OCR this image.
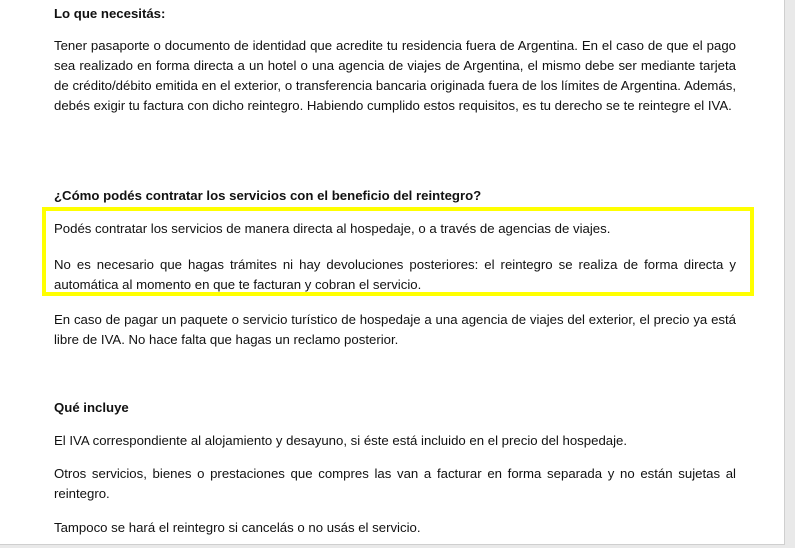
Lo que necesitás:

Tener pasaporte o documento de identidad que acredite tu residencia fuera de Argentina. En el caso de que el pago sea realizado en forma directa a un hotel o una agencia de viajes de Argentina, el mismo debe ser mediante tarjeta de crédito/débito emitida en el exterior, o transferencia bancaria originada fuera de los límites de Argentina. Además, debés exigir tu factura con dicho reintegro. Habiendo cumplido estos requisitos, es tu derecho se te reintegre el IVA.

¿Cómo podés contratar los servicios con el beneficio del reintegro?

Podés contratar los servicios de manera directa al hospedaje, o a través de agencias de viajes.

No es necesario que hagas trámites ni hay devoluciones posteriores: el reintegro se realiza de forma directa y automática al momento en que te facturan y cobran el servicio.

En caso de pagar un paquete o servicio turístico de hospedaje a una agencia de viajes del exterior, el precio ya está libre de IVA. No hace falta que hagas un reclamo posterior.

Qué incluye

El IVA correspondiente al alojamiento y desayuno, si éste está incluido en el precio del hospedaje.

Otros servicios, bienes o prestaciones que compres las van a facturar en forma separada y no están sujetas al reintegro.

Tampoco se hará el reintegro si cancelás o no usás el servicio.
